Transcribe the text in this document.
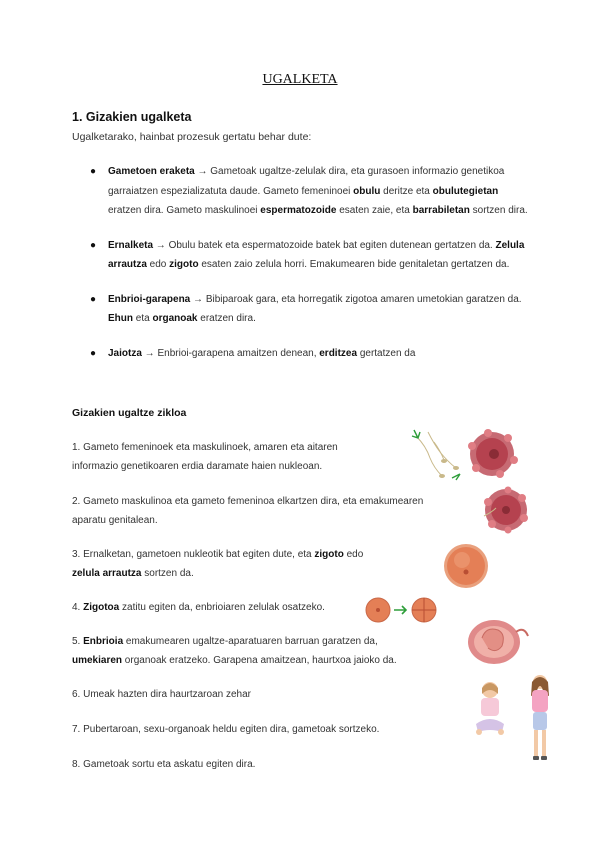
UGALKETA
1. Gizakien ugalketa
Ugalketarako, hainbat prozesuk gertatu behar dute:
● Gametoen eraketa → Gametoak ugaltze-zelulak dira, eta gurasoen informazio genetikoa garraiatzen espezializatuta daude. Gameto femeninoei obulu deritze eta obulutegietan eratzen dira. Gameto maskulinoei espermatozoide esaten zaie, eta barrabiletan sortzen dira.
● Ernalketa → Obulu batek eta espermatozoide batek bat egiten dutenean gertatzen da. Zelula arrautza edo zigoto esaten zaio zelula horri. Emakumearen bide genitaletan gertatzen da.
● Enbrioi-garapena → Bibiparoak gara, eta horregatik zigotoa amaren umetokian garatzen da. Ehun eta organoak eratzen dira.
● Jaiotza → Enbrioi-garapena amaitzen denean, erditzea gertatzen da
Gizakien ugaltze zikloa
1. Gameto femeninoek eta maskulinoek, amaren eta aitaren
informazio genetikoaren erdia daramate haien nukleoan.
2. Gameto maskulinoa eta gameto femeninoa elkartzen dira, eta emakumearen
aparatu genitalean.
3. Ernalketan, gametoen nukleotik bat egiten dute, eta zigoto edo
zelula arrautza sortzen da.
4. Zigotoa zatitu egiten da, enbrioiaren zelulak osatzeko.
5. Enbrioia emakumearen ugaltze-aparatuaren barruan garatzen da,
umekiaren organoak eratzeko. Garapena amaitzean, haurtxoa jaioko da.
6. Umeak hazten dira haurtzaroan zehar
7. Pubertaroan, sexu-organoak heldu egiten dira, gametoak sortzeko.
8. Gametoak sortu eta askatu egiten dira.
